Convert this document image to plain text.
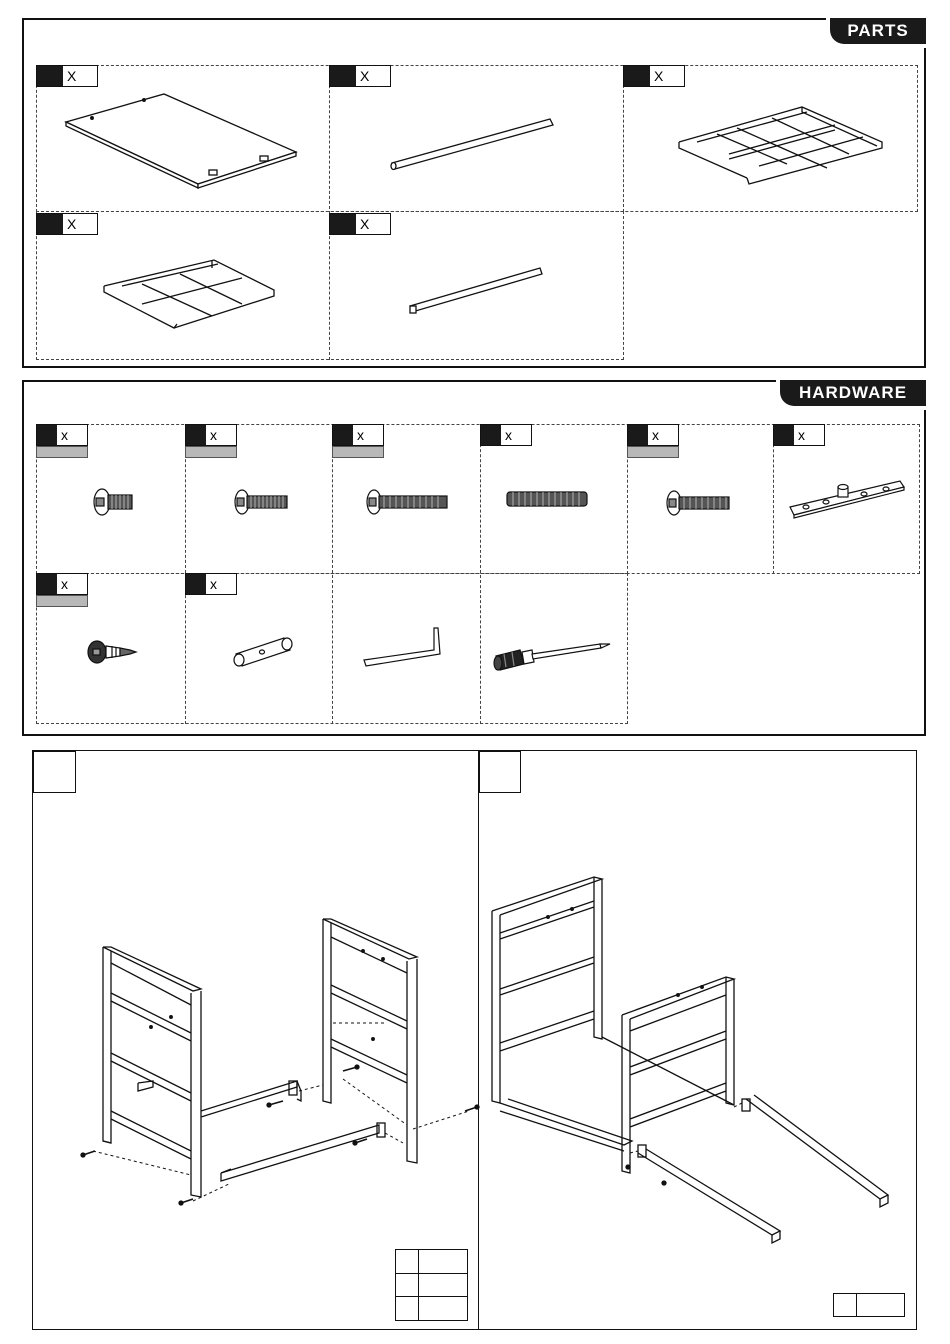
PARTS
X	X	X
X	X
HARDWARE
x	x	x	x	x	x
x	x
